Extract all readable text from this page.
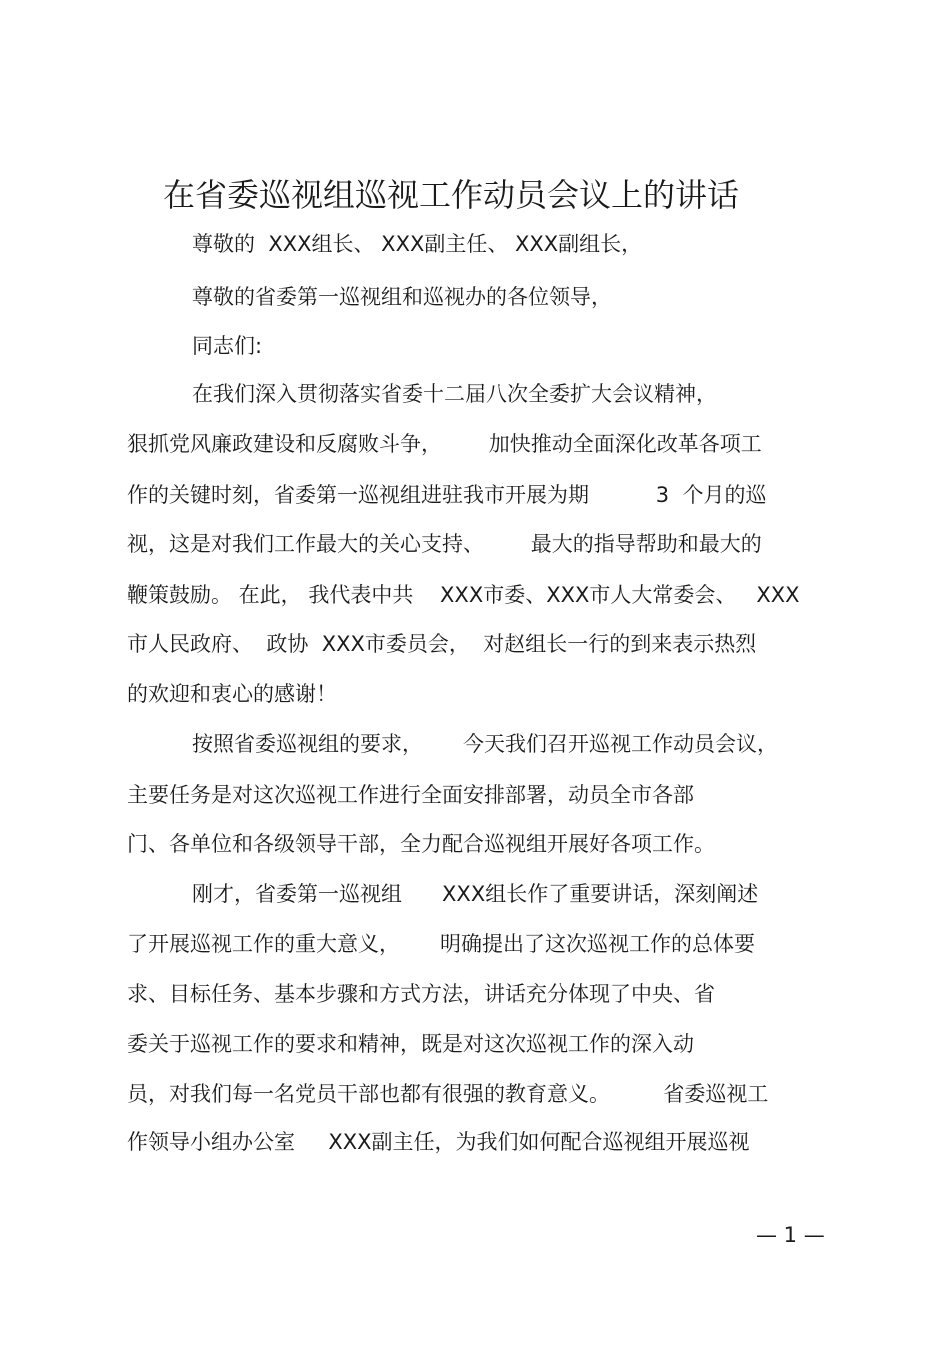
在省委巡视组巡视工作动员会议上的讲话
尊敬的  XXX组长、 XXX副主任、 XXX副组长，
尊敬的省委第一巡视组和巡视办的各位领导，
同志们:
在我们深入贯彻落实省委十二届八次全委扩大会议精神，
狠抓党风廉政建设和反腐败斗争，       加快推动全面深化改革各项工
作的关键时刻，省委第一巡视组进驻我市开展为期          3  个月的巡
视，这是对我们工作最大的关心支持、       最大的指导帮助和最大的
鞭策鼓励。 在此， 我代表中共    XXX市委、XXX市人大常委会、   XXX
市人民政府、  政协  XXX市委员会，  对赵组长一行的到来表示热烈
的欢迎和衷心的感谢！
按照省委巡视组的要求，      今天我们召开巡视工作动员会议，
主要任务是对这次巡视工作进行全面安排部署，动员全市各部
门、各单位和各级领导干部，全力配合巡视组开展好各项工作。
刚才，省委第一巡视组      XXX组长作了重要讲话，深刻阐述
了开展巡视工作的重大意义，      明确提出了这次巡视工作的总体要
求、目标任务、基本步骤和方式方法，讲话充分体现了中央、省
委关于巡视工作的要求和精神，既是对这次巡视工作的深入动
员，对我们每一名党员干部也都有很强的教育意义。        省委巡视工
作领导小组办公室     XXX副主任，为我们如何配合巡视组开展巡视
— 1 —
